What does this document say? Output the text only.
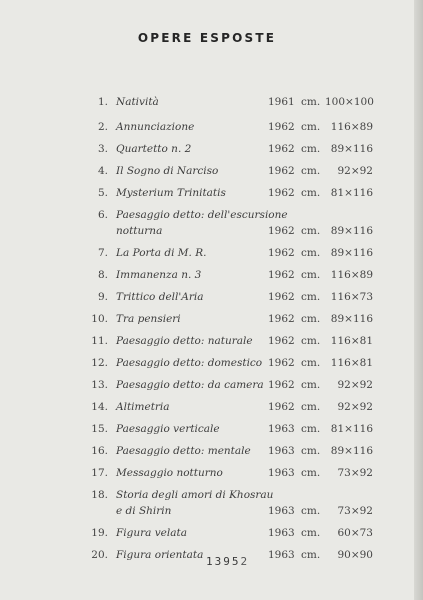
OPERE ESPOSTE
1. Natività	1961 cm. 100×100
2. Annunciazione	1962 cm.	116×89
3. Quartetto n. 2	1962 cm.	89×116
4. Il Sogno di Narciso	1962 cm.	92×92
5. Mysterium Trinitatis	1962 cm.	81×116
6. Paesaggio detto: dell'escursione
notturna	1962 cm.	89×116
7. La Porta di M. R.	1962 cm.	89×116
8. Immanenza n. 3	1962 cm.	116×89
9. Trittico dell'Aria	1962 cm.	116×73
10. Tra pensieri	1962 cm.	89×116
11. Paesaggio detto: naturale 1962 cm.	116×81
12. Paesaggio detto: domestico 1962 cm.	116×81
13. Paesaggio detto: da camera 1962 cm.	92×92
14. Altimetria	1962 cm.	92×92
15. Paesaggio verticale	1963 cm.	81×116
16. Paesaggio detto: mentale 1963 cm.	89×116
17. Messaggio notturno	1963 cm.	73×92
18. Storia degli amori di Khosrau
e di Shirin	1963 cm.	73×92
19. Figura velata	1963 cm.	60×73
20. Figura orientata	1963 cm.	90×90
13952
